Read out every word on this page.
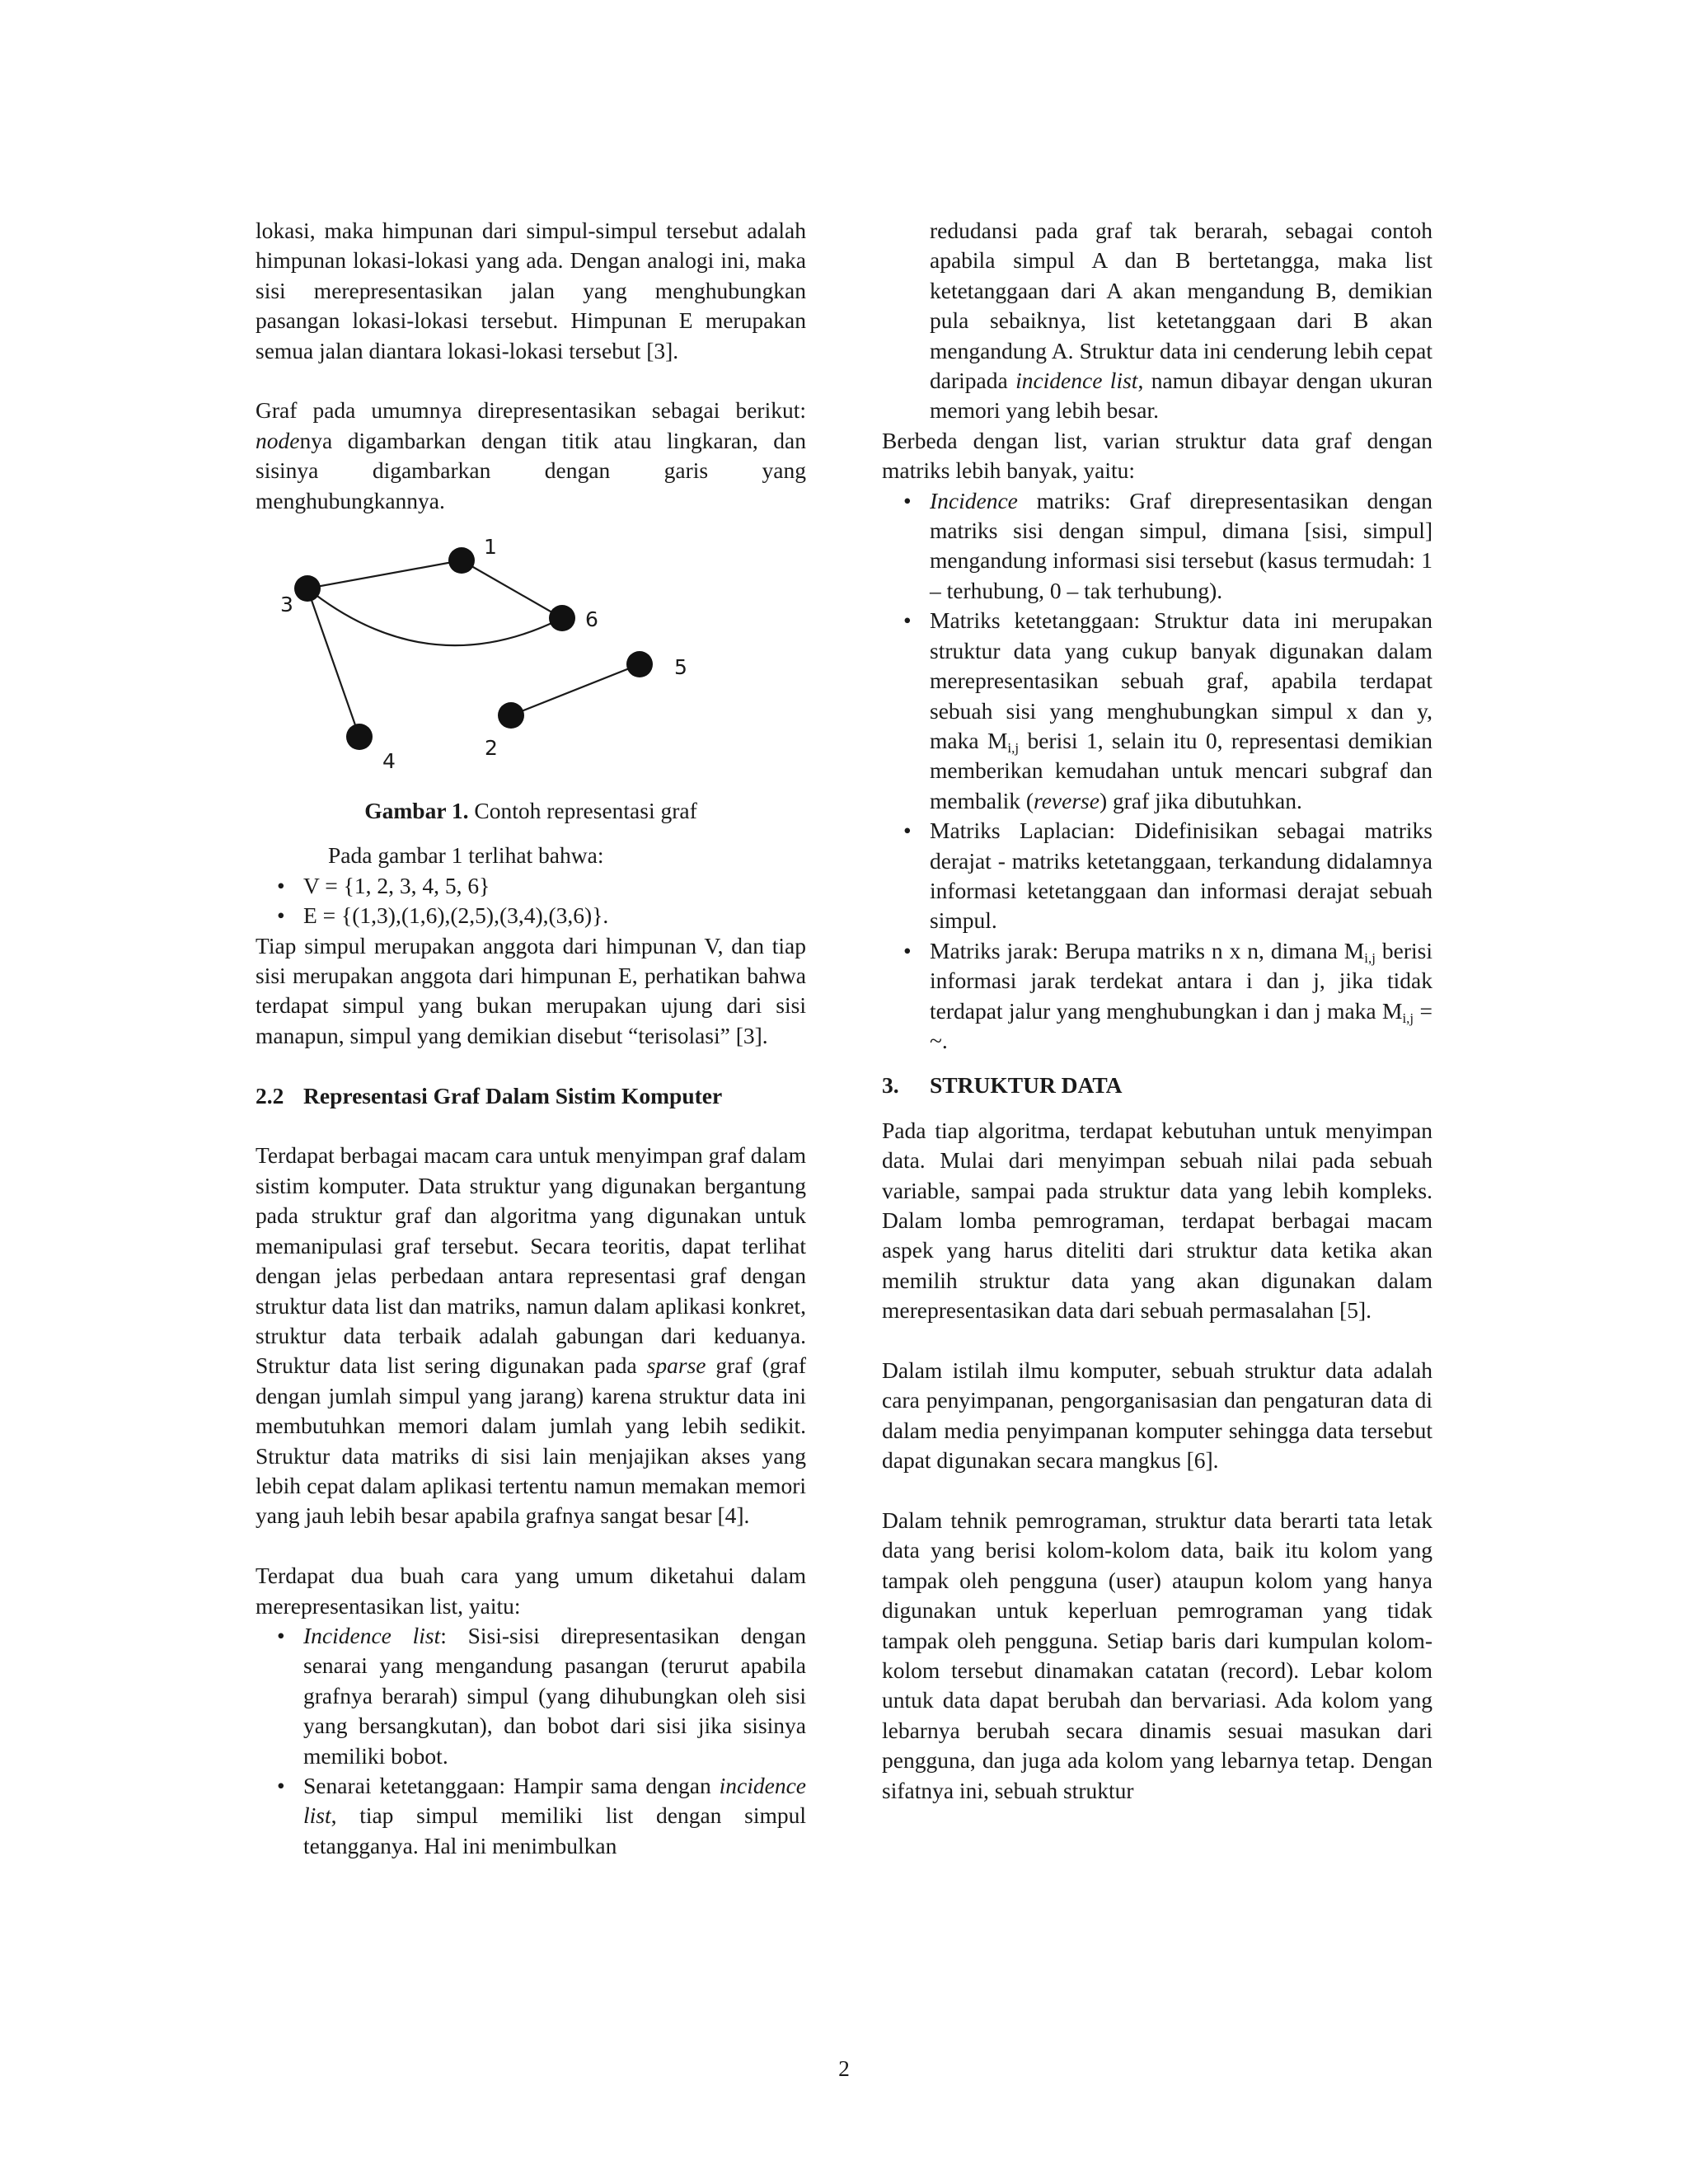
lokasi, maka himpunan dari simpul-simpul tersebut adalah himpunan lokasi-lokasi yang ada. Dengan analogi ini, maka sisi merepresentasikan jalan yang menghubungkan pasangan lokasi-lokasi tersebut. Himpunan E merupakan semua jalan diantara lokasi-lokasi tersebut [3].

Graf pada umumnya direpresentasikan sebagai berikut: nodenya digambarkan dengan titik atau lingkaran, dan sisinya digambarkan dengan garis yang menghubungkannya.

1
3
6
5
2
4

Gambar 1. Contoh representasi graf

Pada gambar 1 terlihat bahwa:

• V = {1, 2, 3, 4, 5, 6}
• E = {(1,3),(1,6),(2,5),(3,4),(3,6)}.

Tiap simpul merupakan anggota dari himpunan V, dan tiap sisi merupakan anggota dari himpunan E, perhatikan bahwa terdapat simpul yang bukan merupakan ujung dari sisi manapun, simpul yang demikian disebut “terisolasi” [3].

2.2 Representasi Graf Dalam Sistim Komputer

Terdapat berbagai macam cara untuk menyimpan graf dalam sistim komputer. Data struktur yang digunakan bergantung pada struktur graf dan algoritma yang digunakan untuk memanipulasi graf tersebut. Secara teoritis, dapat terlihat dengan jelas perbedaan antara representasi graf dengan struktur data list dan matriks, namun dalam aplikasi konkret, struktur data terbaik adalah gabungan dari keduanya. Struktur data list sering digunakan pada sparse graf (graf dengan jumlah simpul yang jarang) karena struktur data ini membutuhkan memori dalam jumlah yang lebih sedikit. Struktur data matriks di sisi lain menjajikan akses yang lebih cepat dalam aplikasi tertentu namun memakan memori yang jauh lebih besar apabila grafnya sangat besar [4].

Terdapat dua buah cara yang umum diketahui dalam merepresentasikan list, yaitu:

• Incidence list: Sisi-sisi direpresentasikan dengan senarai yang mengandung pasangan (terurut apabila grafnya berarah) simpul (yang dihubungkan oleh sisi yang bersangkutan), dan bobot dari sisi jika sisinya memiliki bobot.
• Senarai ketetanggaan: Hampir sama dengan incidence list, tiap simpul memiliki list dengan simpul tetangganya. Hal ini menimbulkan
redudansi pada graf tak berarah, sebagai contoh apabila simpul A dan B bertetangga, maka list ketetanggaan dari A akan mengandung B, demikian pula sebaiknya, list ketetanggaan dari B akan mengandung A. Struktur data ini cenderung lebih cepat daripada incidence list, namun dibayar dengan ukuran memori yang lebih besar.

Berbeda dengan list, varian struktur data graf dengan matriks lebih banyak, yaitu:

• Incidence matriks: Graf direpresentasikan dengan matriks sisi dengan simpul, dimana [sisi, simpul] mengandung informasi sisi tersebut (kasus termudah: 1 – terhubung, 0 – tak terhubung).
• Matriks ketetanggaan: Struktur data ini merupakan struktur data yang cukup banyak digunakan dalam merepresentasikan sebuah graf, apabila terdapat sebuah sisi yang menghubungkan simpul x dan y, maka $M_{i,j}$ berisi 1, selain itu 0, representasi demikian memberikan kemudahan untuk mencari subgraf dan membalik (reverse) graf jika dibutuhkan.
• Matriks Laplacian: Didefinisikan sebagai matriks derajat - matriks ketetanggaan, terkandung didalamnya informasi ketetanggaan dan informasi derajat sebuah simpul.
• Matriks jarak: Berupa matriks n x n, dimana $M_{i,j}$ berisi informasi jarak terdekat antara i dan j, jika tidak terdapat jalur yang menghubungkan i dan j maka $M_{i,j}$ = ~.
3. STRUKTUR DATA

Pada tiap algoritma, terdapat kebutuhan untuk menyimpan data. Mulai dari menyimpan sebuah nilai pada sebuah variable, sampai pada struktur data yang lebih kompleks. Dalam lomba pemrograman, terdapat berbagai macam aspek yang harus diteliti dari struktur data ketika akan memilih struktur data yang akan digunakan dalam merepresentasikan data dari sebuah permasalahan [5].

Dalam istilah ilmu komputer, sebuah struktur data adalah cara penyimpanan, pengorganisasian dan pengaturan data di dalam media penyimpanan komputer sehingga data tersebut dapat digunakan secara mangkus [6].

Dalam tehnik pemrograman, struktur data berarti tata letak data yang berisi kolom-kolom data, baik itu kolom yang tampak oleh pengguna (user) ataupun kolom yang hanya digunakan untuk keperluan pemrograman yang tidak tampak oleh pengguna. Setiap baris dari kumpulan kolom-kolom tersebut dinamakan catatan (record). Lebar kolom untuk data dapat berubah dan bervariasi. Ada kolom yang lebarnya berubah secara dinamis sesuai masukan dari pengguna, dan juga ada kolom yang lebarnya tetap. Dengan sifatnya ini, sebuah struktur

2
